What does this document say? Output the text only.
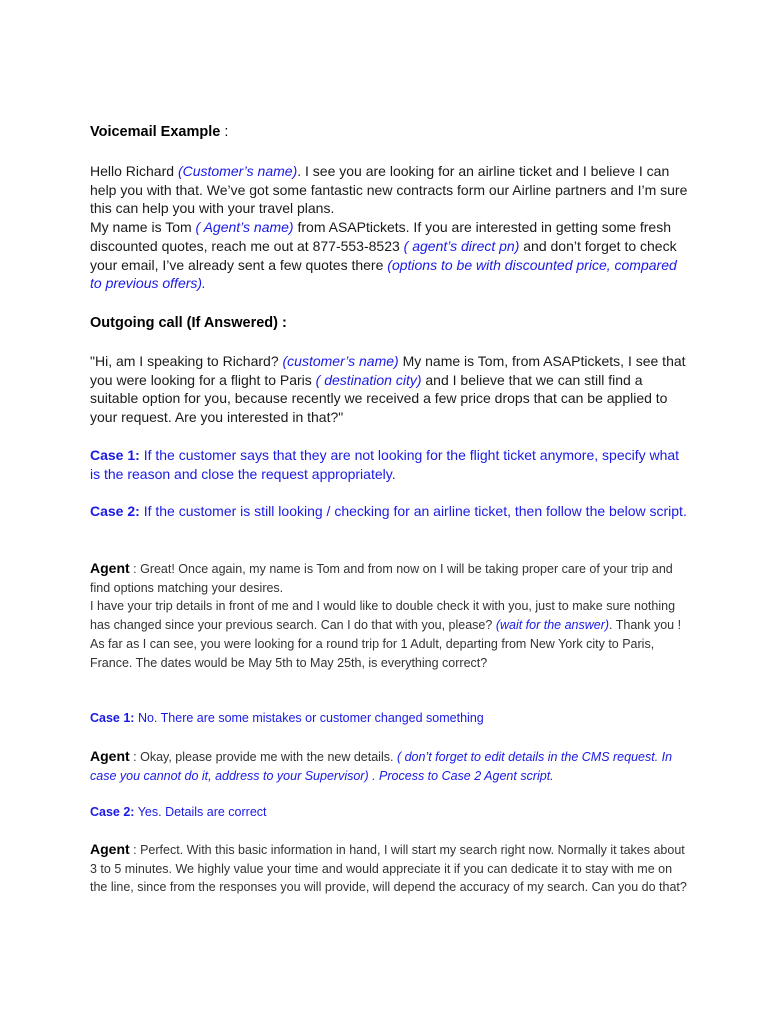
Voicemail Example :

Hello Richard (Customer’s name). I see you are looking for an airline ticket and I believe I can help you with that. We’ve got some fantastic new contracts form our Airline partners and I’m sure this can help you with your travel plans.

My name is Tom ( Agent’s name) from ASAPtickets. If you are interested in getting some fresh discounted quotes, reach me out at 877-553-8523 ( agent’s direct pn) and don’t forget to check your email, I’ve already sent a few quotes there (options to be with discounted price, compared to previous offers).

Outgoing call (If Answered) :

"Hi, am I speaking to Richard? (customer’s name) My name is Tom, from ASAPtickets, I see that you were looking for a flight to Paris ( destination city) and I believe that we can still find a suitable option for you, because recently we received a few price drops that can be applied to your request. Are you interested in that?"

Case 1: If the customer says that they are not looking for the flight ticket anymore, specify what is the reason and close the request appropriately.

Case 2: If the customer is still looking / checking for an airline ticket, then follow the below script.

Agent : Great! Once again, my name is Tom and from now on I will be taking proper care of your trip and find options matching your desires.

I have your trip details in front of me and I would like to double check it with you, just to make sure nothing has changed since your previous search. Can I do that with you, please? (wait for the answer). Thank you !

As far as I can see, you were looking for a round trip for 1 Adult, departing from New York city to Paris, France. The dates would be May 5th to May 25th, is everything correct?

Case 1: No. There are some mistakes or customer changed something

Agent : Okay, please provide me with the new details. ( don’t forget to edit details in the CMS request. In case you cannot do it, address to your Supervisor) . Process to Case 2 Agent script.

Case 2: Yes. Details are correct

Agent : Perfect. With this basic information in hand, I will start my search right now. Normally it takes about 3 to 5 minutes. We highly value your time and would appreciate it if you can dedicate it to stay with me on the line, since from the responses you will provide, will depend the accuracy of my search. Can you do that?
